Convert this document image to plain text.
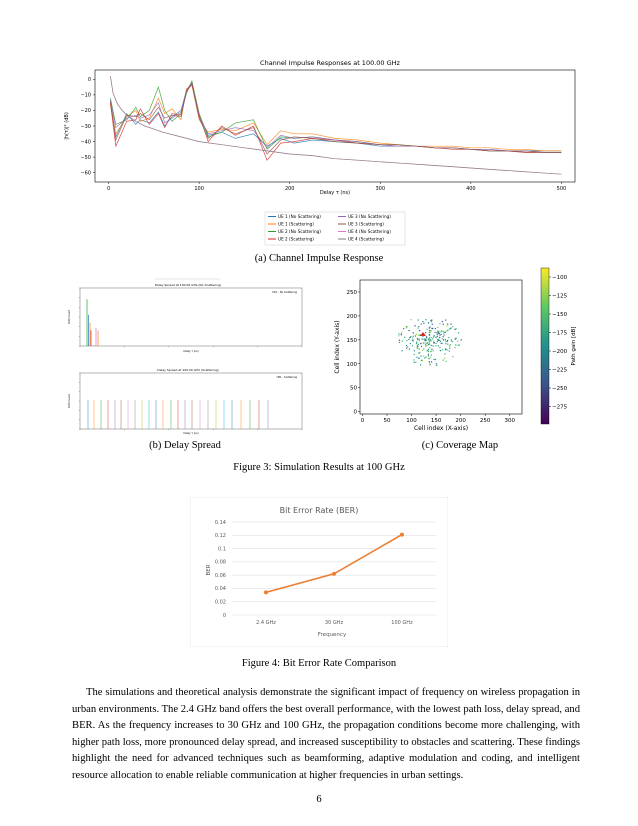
Channel Impulse Responses at 100.00 GHz
0
−10
−20
−30
−40
−50
−60
0	100	200	300	400	500
Delay τ (ns)
|h(τ)|² (dB)
UE 1 (No Scattering)
UE 1 (Scattering)
UE 2 (No Scattering)
UE 2 (Scattering)
UE 3 (No Scattering)
UE 3 (Scattering)
UE 4 (No Scattering)
UE 4 (Scattering)
(a) Channel Impulse Response
Delay Spread at 100.00 GHz (No Scattering)
UE1 - No Scattering
Delay τ (ns)
Path Count
Delay Spread at 100.00 GHz (Scattering)
UE1 - Scattering
Delay τ (ns)
Path Count
(b) Delay Spread
0	50	100	150	200	250	300
0
50
100
150
200
250
Cell index (X-axis)
Cell index (Y-axis)
−100
−125
−150
−175
−200
−225
−250
−275
Path gain [dB]
(c) Coverage Map
Figure 3: Simulation Results at 100 GHz
Bit Error Rate (BER)
0
0.02
0.04
0.06
0.08
0.1
0.12
0.14
2.4 GHz	30 GHz	100 GHz
Frequency
BER
Figure 4: Bit Error Rate Comparison
The simulations and theoretical analysis demonstrate the significant impact of frequency on wireless propagation in urban environments. The 2.4 GHz band offers the best overall performance, with the lowest path loss, delay spread, and BER. As the frequency increases to 30 GHz and 100 GHz, the propagation conditions become more challenging, with higher path loss, more pronounced delay spread, and increased susceptibility to obstacles and scattering. These findings highlight the need for advanced techniques such as beamforming, adaptive modulation and coding, and intelligent resource allocation to enable reliable communication at higher frequencies in urban settings.
6
